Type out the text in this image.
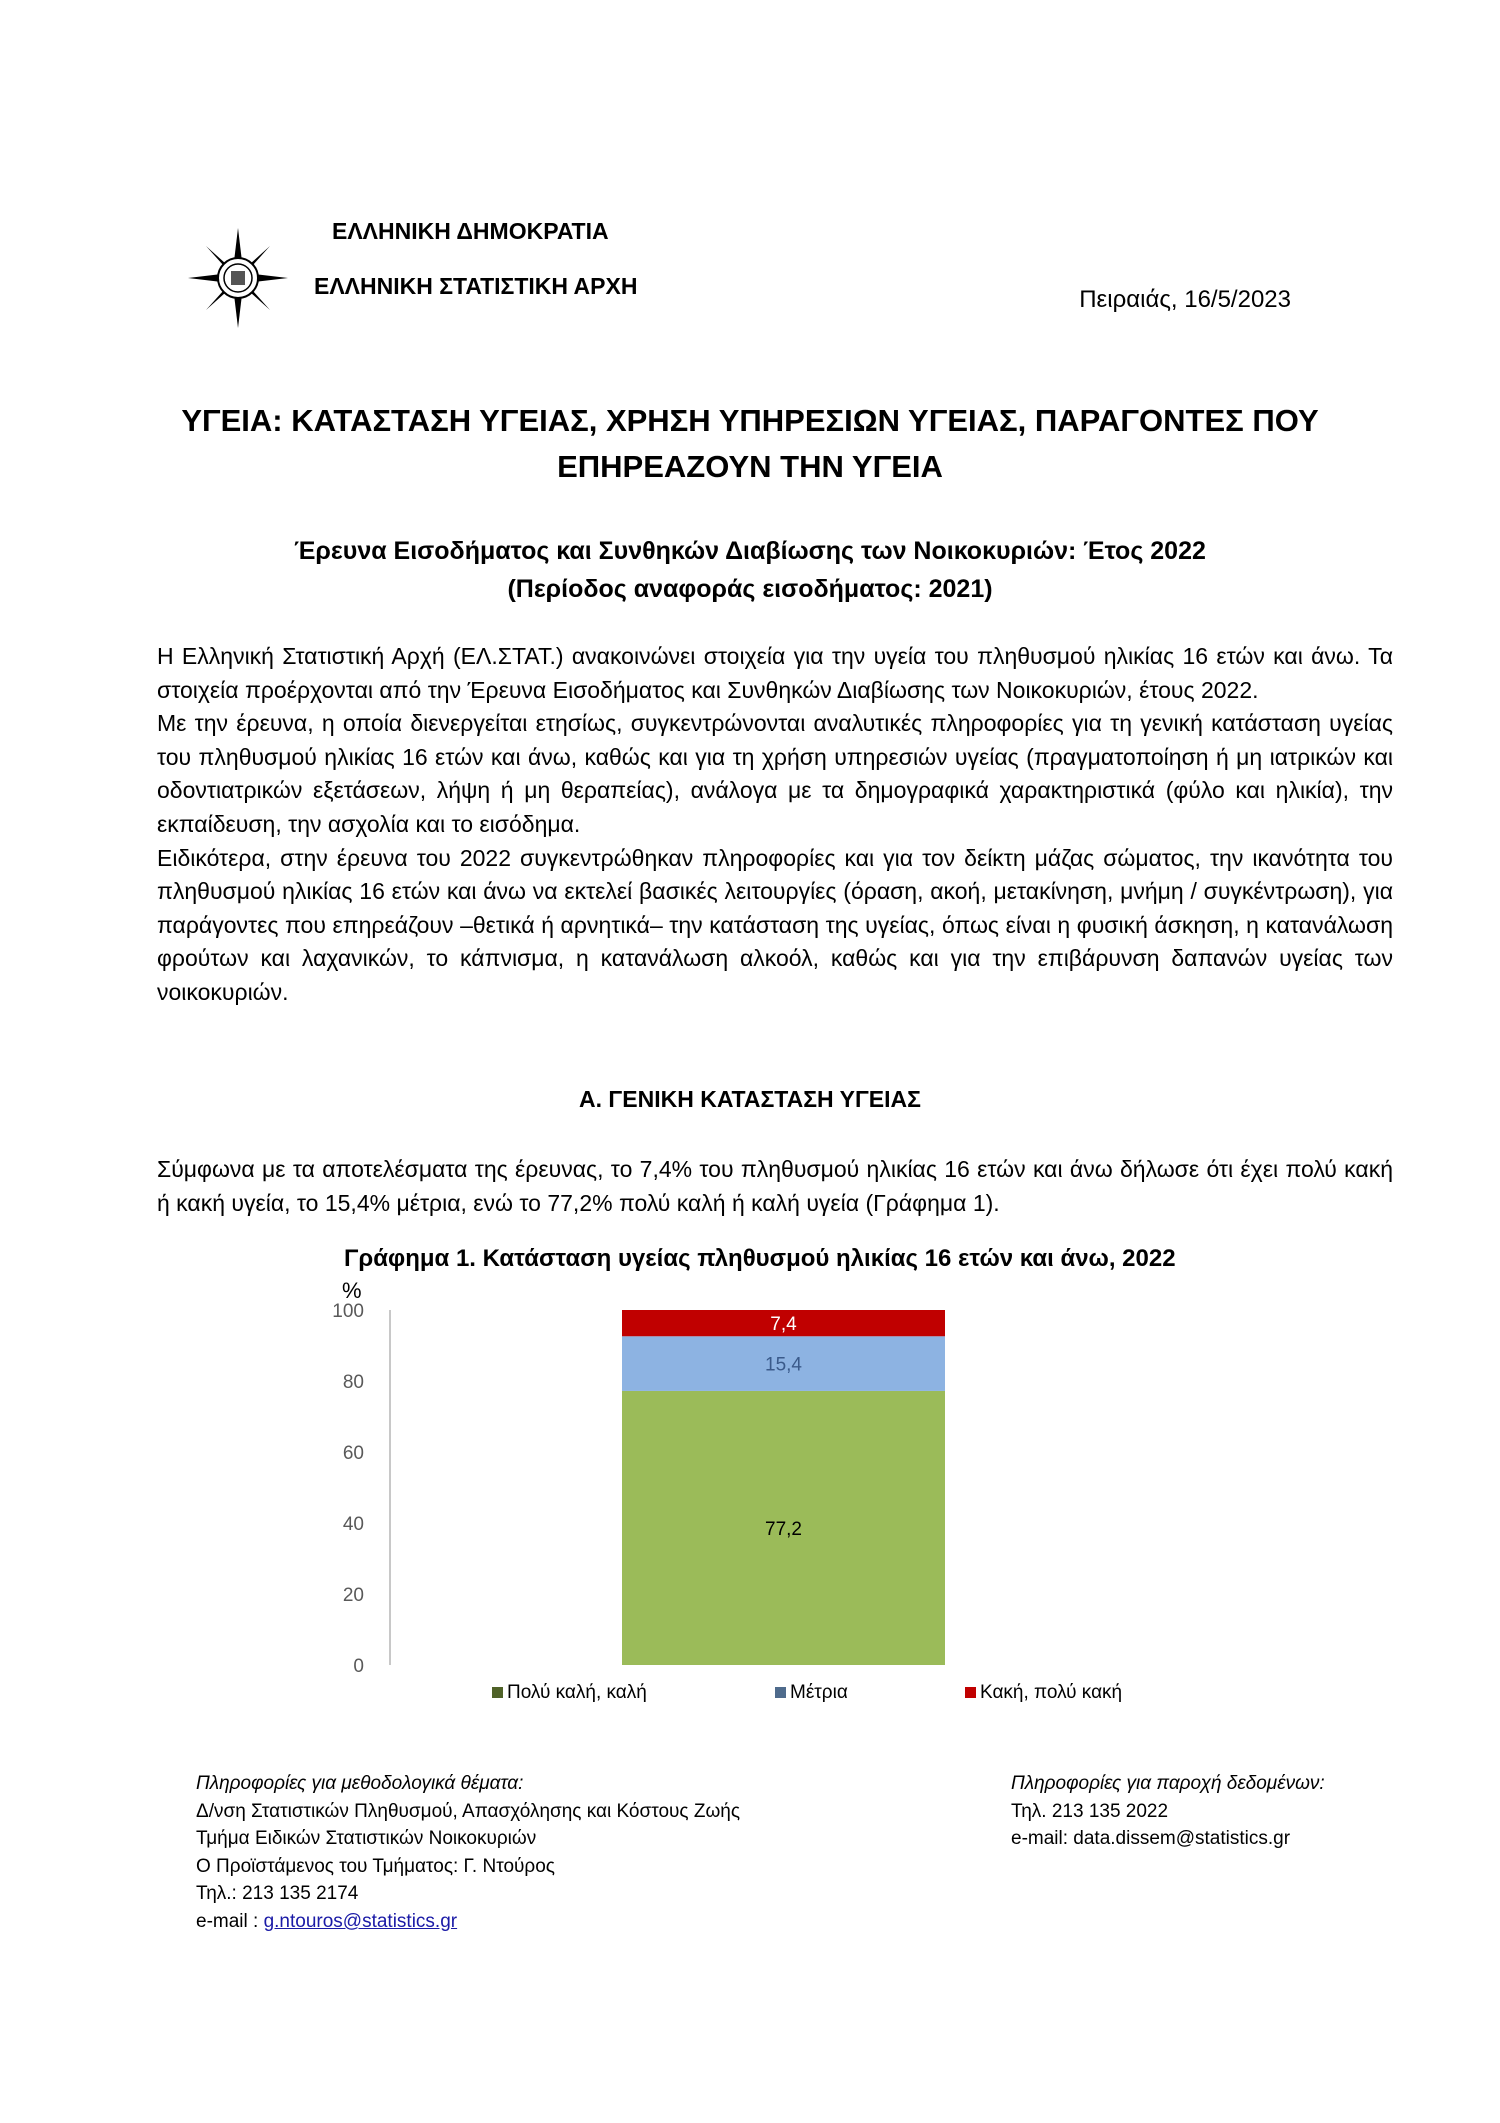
ΕΛΛΗΝΙΚΗ ΔΗΜΟΚΡΑΤΙΑ
ΕΛΛΗΝΙΚΗ ΣΤΑΤΙΣΤΙΚΗ ΑΡΧΗ	Πειραιάς, 16/5/2023
ΥΓΕΙΑ: ΚΑΤΑΣΤΑΣΗ ΥΓΕΙΑΣ, ΧΡΗΣΗ ΥΠΗΡΕΣΙΩΝ ΥΓΕΙΑΣ, ΠΑΡΑΓΟΝΤΕΣ ΠΟΥ
ΕΠΗΡΕΑΖΟΥΝ ΤΗΝ ΥΓΕΙΑ
Έρευνα Εισοδήματος και Συνθηκών Διαβίωσης των Νοικοκυριών: Έτος 2022
(Περίοδος αναφοράς εισοδήματος: 2021)

Η Ελληνική Στατιστική Αρχή (ΕΛ.ΣΤΑΤ.) ανακοινώνει στοιχεία για την υγεία του πληθυσμού ηλικίας 16 ετών και άνω. Τα στοιχεία προέρχονται από την Έρευνα Εισοδήματος και Συνθηκών Διαβίωσης των Νοικοκυριών, έτους 2022.

Με την έρευνα, η οποία διενεργείται ετησίως, συγκεντρώνονται αναλυτικές πληροφορίες για τη γενική κατάσταση υγείας του πληθυσμού ηλικίας 16 ετών και άνω, καθώς και για τη χρήση υπηρεσιών υγείας (πραγματοποίηση ή μη ιατρικών και οδοντιατρικών εξετάσεων, λήψη ή μη θεραπείας), ανάλογα με τα δημογραφικά χαρακτηριστικά (φύλο και ηλικία), την εκπαίδευση, την ασχολία και το εισόδημα.

Ειδικότερα, στην έρευνα του 2022 συγκεντρώθηκαν πληροφορίες και για τον δείκτη μάζας σώματος, την ικανότητα του πληθυσμού ηλικίας 16 ετών και άνω να εκτελεί βασικές λειτουργίες (όραση, ακοή, μετακίνηση, μνήμη / συγκέντρωση), για παράγοντες που επηρεάζουν –θετικά ή αρνητικά– την κατάσταση της υγείας, όπως είναι η φυσική άσκηση, η κατανάλωση φρούτων και λαχανικών, το κάπνισμα, η κατανάλωση αλκοόλ, καθώς και για την επιβάρυνση δαπανών υγείας των νοικοκυριών.

Α. ΓΕΝΙΚΗ ΚΑΤΑΣΤΑΣΗ ΥΓΕΙΑΣ
Σύμφωνα με τα αποτελέσματα της έρευνας, το 7,4% του πληθυσμού ηλικίας 16 ετών και άνω δήλωσε ότι έχει πολύ κακή ή κακή υγεία, το 15,4% μέτρια, ενώ το 77,2% πολύ καλή ή καλή υγεία (Γράφημα 1).
Γράφημα 1. Κατάσταση υγείας πληθυσμού ηλικίας 16 ετών και άνω, 2022
%
0
20
40
60
80
100
77,2
15,4
7,4
Πολύ καλή, καλή	Μέτρια	Κακή, πολύ κακή
Πληροφορίες για μεθοδολογικά θέματα:
Δ/νση Στατιστικών Πληθυσμού, Απασχόλησης και Κόστους Ζωής
Τμήμα Ειδικών Στατιστικών Νοικοκυριών
Ο Προϊστάμενος του Τμήματος: Γ. Ντούρος
Τηλ.: 213 135 2174
e-mail : g.ntouros@statistics.gr
Πληροφορίες για παροχή δεδομένων:
Τηλ. 213 135 2022
e-mail: data.dissem@statistics.gr
